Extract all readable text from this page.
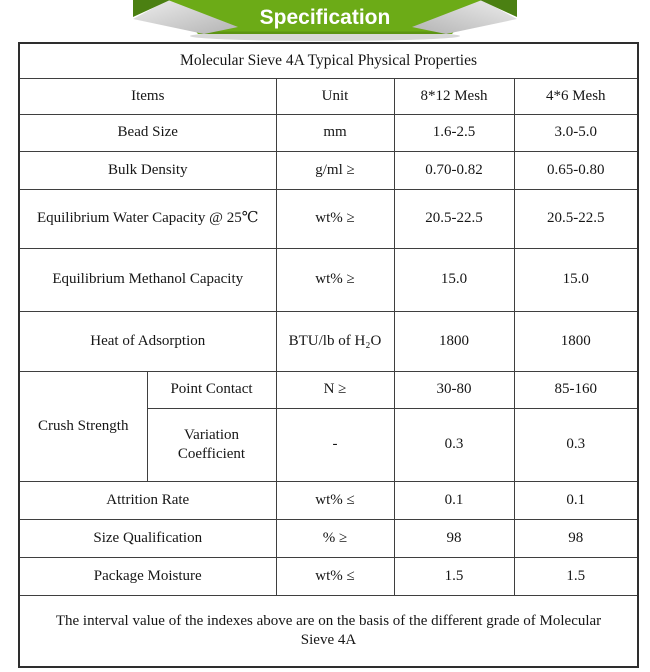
Specification
Molecular Sieve 4A Typical Physical Properties				
Items		Unit	8*12 Mesh	4*6 Mesh
Bead Size		mm	1.6-2.5	3.0-5.0
Bulk Density		g/ml ≥	0.70-0.82	0.65-0.80
Equilibrium Water Capacity @ 25℃		wt% ≥	20.5-22.5	20.5-22.5
Equilibrium Methanol Capacity		wt% ≥	15.0	15.0
Heat of Adsorption		BTU/lb of H₂O	1800	1800
Crush Strength	Point Contact	N ≥	30-80	85-160
	Variation Coefficient	-	0.3	0.3
Attrition Rate		wt% ≤	0.1	0.1
Size Qualification		% ≥	98	98
Package Moisture		wt% ≤	1.5	1.5

The interval value of the indexes above are on the basis of the different grade of Molecular
Sieve 4A				
